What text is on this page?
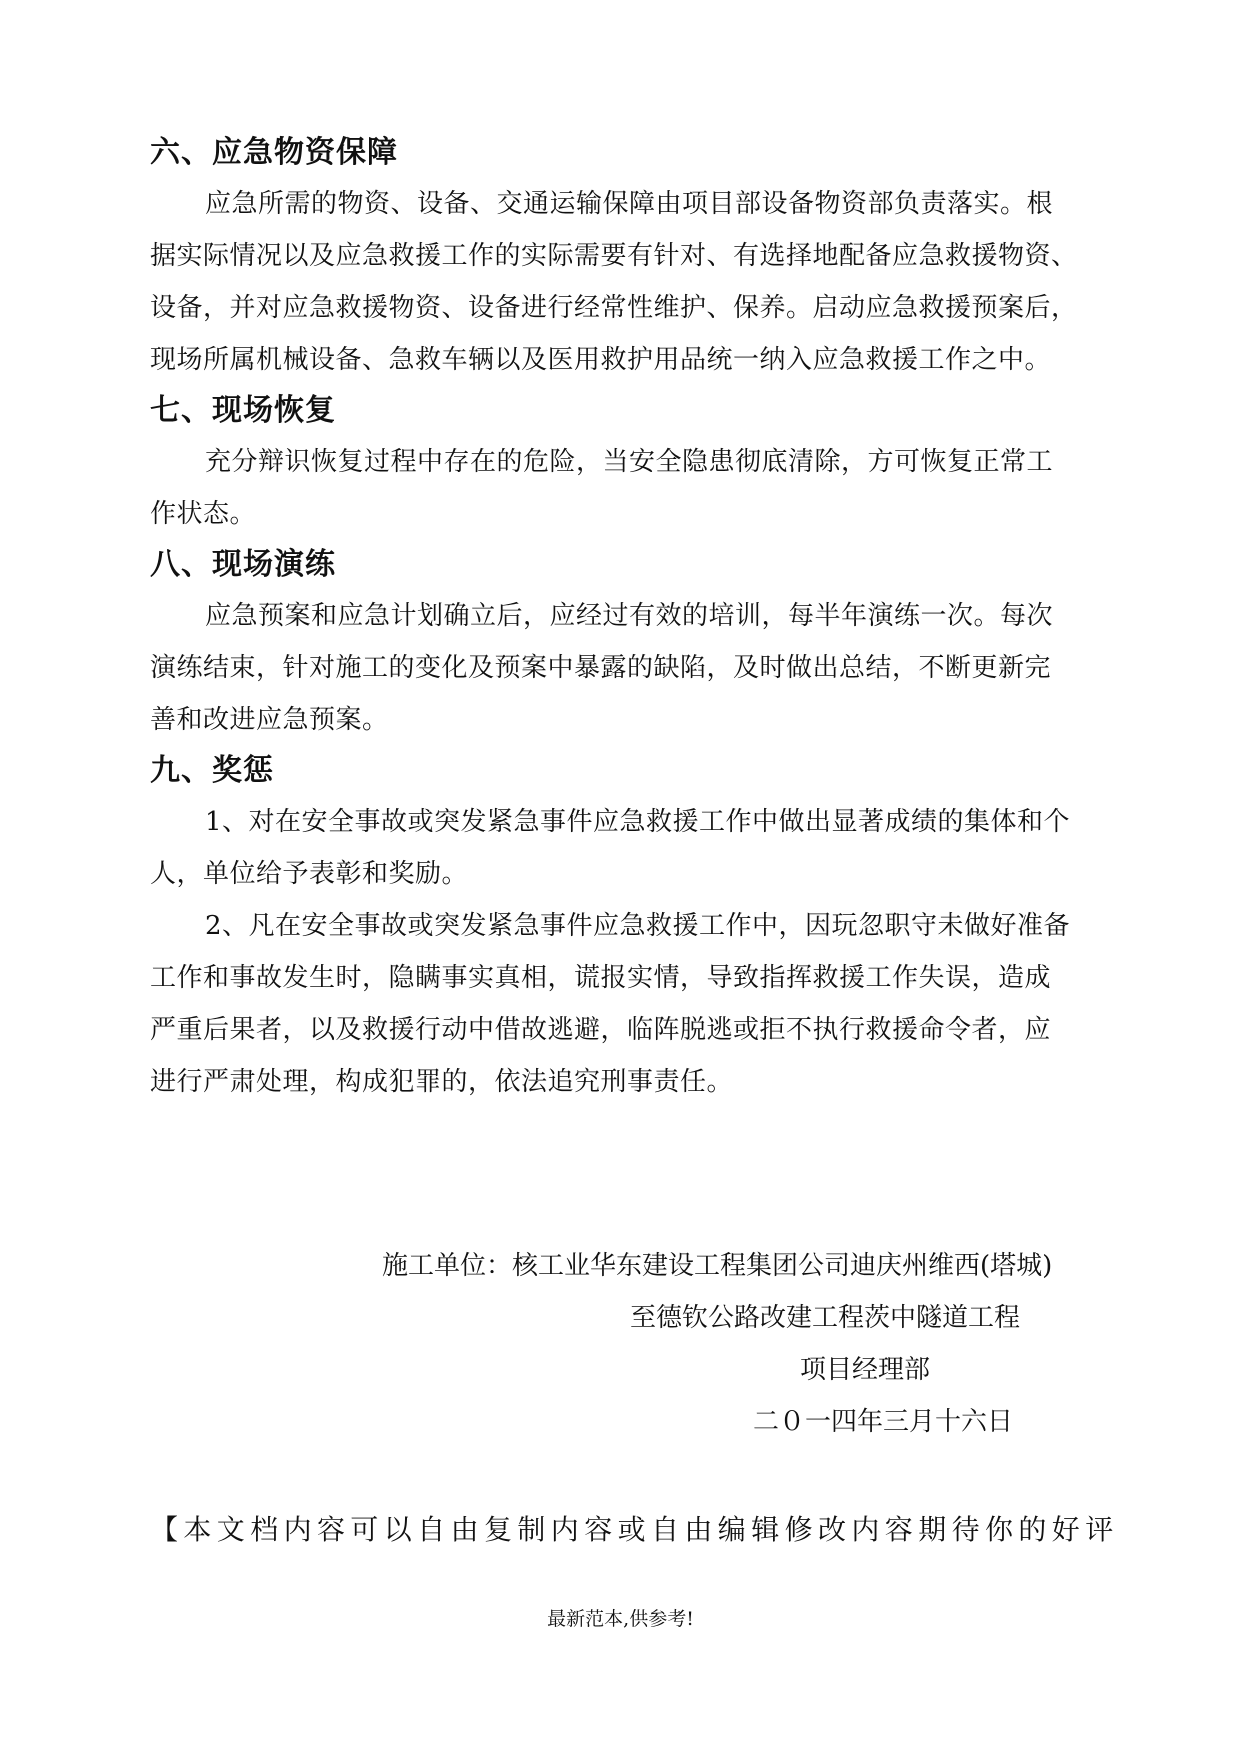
六、应急物资保障

应急所需的物资、设备、交通运输保障由项目部设备物资部负责落实。根
据实际情况以及应急救援工作的实际需要有针对、有选择地配备应急救援物资、
设备，并对应急救援物资、设备进行经常性维护、保养。启动应急救援预案后，
现场所属机械设备、急救车辆以及医用救护用品统一纳入应急救援工作之中。

七、现场恢复

充分辩识恢复过程中存在的危险，当安全隐患彻底清除，方可恢复正常工
作状态。

八、现场演练

应急预案和应急计划确立后，应经过有效的培训，每半年演练一次。每次
演练结束，针对施工的变化及预案中暴露的缺陷，及时做出总结，不断更新完
善和改进应急预案。

九、奖惩

1、对在安全事故或突发紧急事件应急救援工作中做出显著成绩的集体和个
人，单位给予表彰和奖励。

2、凡在安全事故或突发紧急事件应急救援工作中，因玩忽职守未做好准备
工作和事故发生时，隐瞒事实真相，谎报实情，导致指挥救援工作失误，造成
严重后果者，以及救援行动中借故逃避，临阵脱逃或拒不执行救援命令者，应
进行严肃处理，构成犯罪的，依法追究刑事责任。

施工单位：核工业华东建设工程集团公司迪庆州维西(塔城)
至德钦公路改建工程茨中隧道工程
项目经理部
二０一四年三月十六日
【本文档内容可以自由复制内容或自由编辑修改内容期待你的好评
最新范本,供参考!
